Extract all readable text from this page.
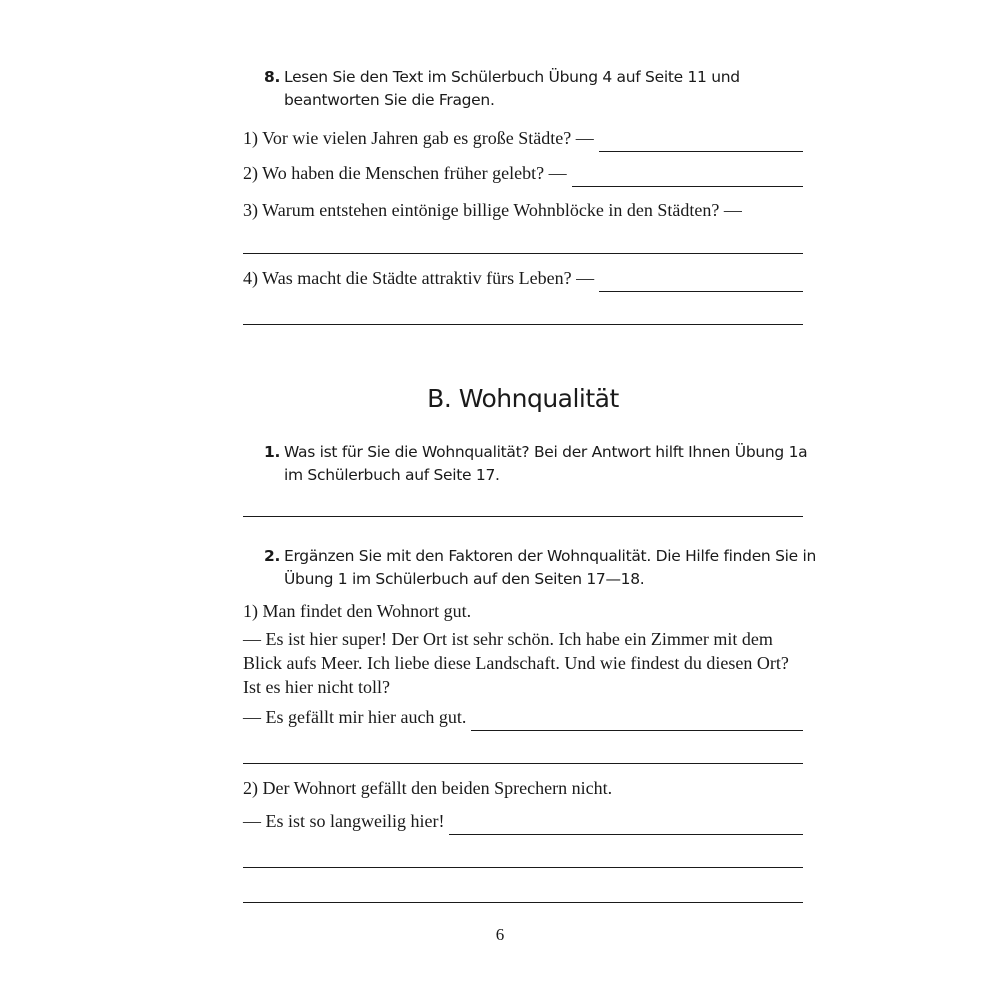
8. Lesen Sie den Text im Schülerbuch Übung 4 auf Seite 11 und beantworten Sie die Fragen.
1) Vor wie vielen Jahren gab es große Städte? —
2) Wo haben die Menschen früher gelebt? —
3) Warum entstehen eintönige billige Wohnblöcke in den Städten? —
4) Was macht die Städte attraktiv fürs Leben? —
B. Wohnqualität
1. Was ist für Sie die Wohnqualität? Bei der Antwort hilft Ihnen Übung 1a im Schülerbuch auf Seite 17.
2. Ergänzen Sie mit den Faktoren der Wohnqualität. Die Hilfe finden Sie in Übung 1 im Schülerbuch auf den Seiten 17—18.
1) Man findet den Wohnort gut.
— Es ist hier super! Der Ort ist sehr schön. Ich habe ein Zimmer mit dem Blick aufs Meer. Ich liebe diese Landschaft. Und wie findest du diesen Ort? Ist es hier nicht toll?
— Es gefällt mir hier auch gut.
2) Der Wohnort gefällt den beiden Sprechern nicht.
— Es ist so langweilig hier!
6
